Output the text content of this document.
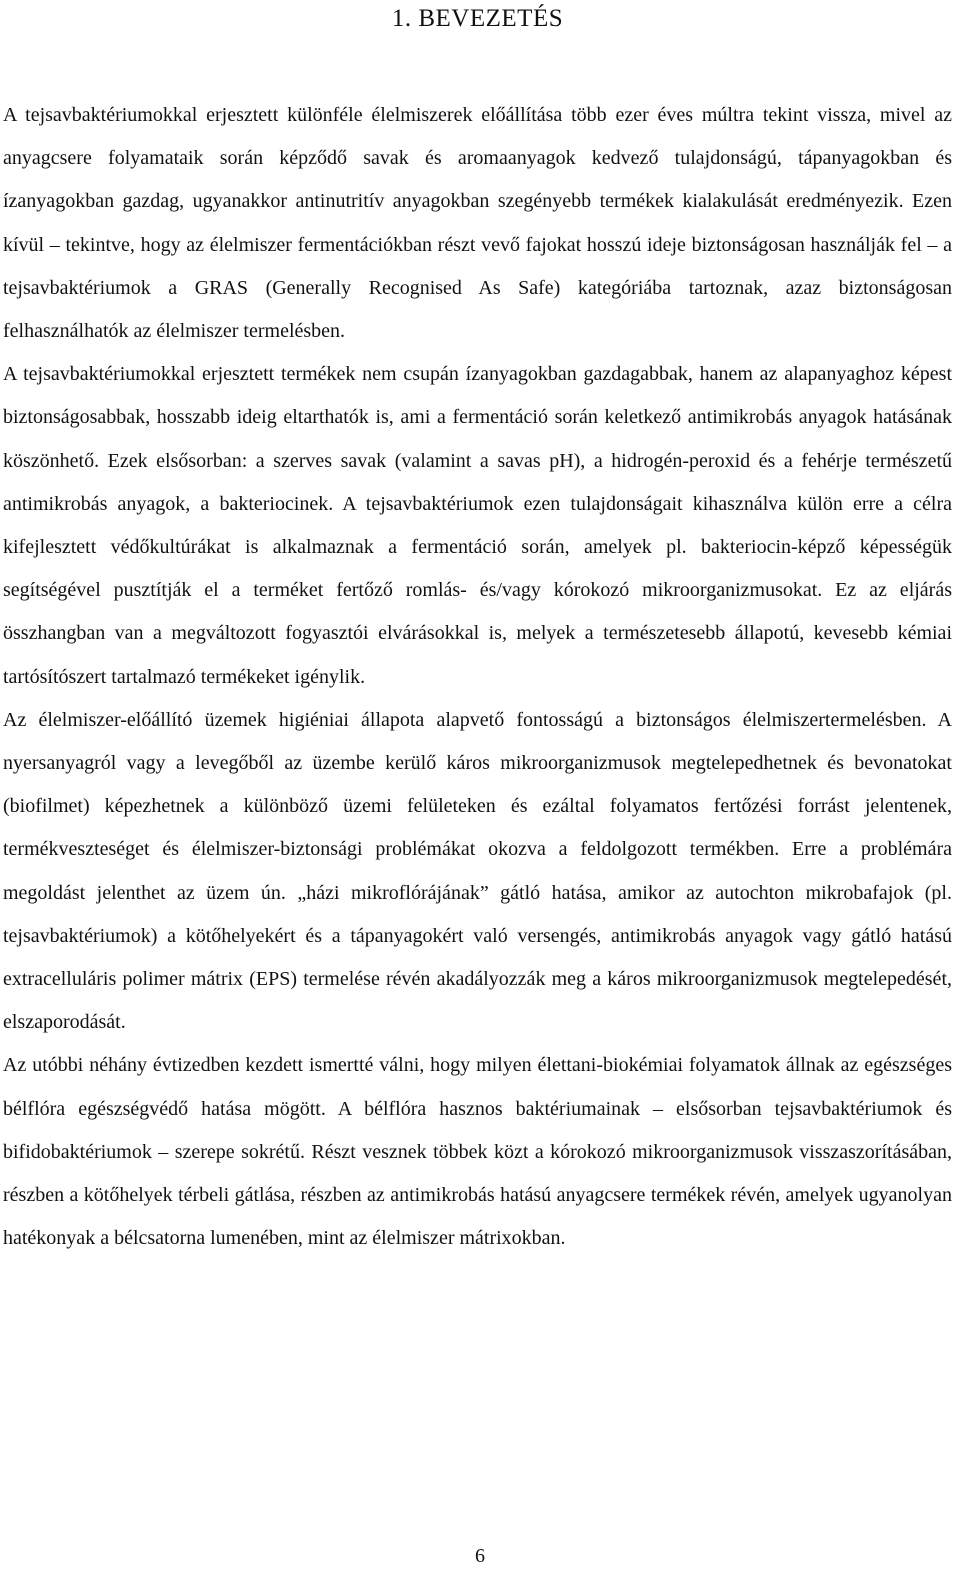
1. BEVEZETÉS

A tejsavbaktériumokkal erjesztett különféle élelmiszerek előállítása több ezer éves múltra tekint vissza, mivel az anyagcsere folyamataik során képződő savak és aromaanyagok kedvező tulajdonságú, tápanyagokban és ízanyagokban gazdag, ugyanakkor antinutritív anyagokban szegényebb termékek kialakulását eredményezik. Ezen kívül – tekintve, hogy az élelmiszer fermentációkban részt vevő fajokat hosszú ideje biztonságosan használják fel – a tejsavbaktériumok a GRAS (Generally Recognised As Safe) kategóriába tartoznak, azaz biztonságosan felhasználhatók az élelmiszer termelésben.

A tejsavbaktériumokkal erjesztett termékek nem csupán ízanyagokban gazdagabbak, hanem az alapanyaghoz képest biztonságosabbak, hosszabb ideig eltarthatók is, ami a fermentáció során keletkező antimikrobás anyagok hatásának köszönhető. Ezek elsősorban: a szerves savak (valamint a savas pH), a hidrogén-peroxid és a fehérje természetű antimikrobás anyagok, a bakteriocinek. A tejsavbaktériumok ezen tulajdonságait kihasználva külön erre a célra kifejlesztett védőkultúrákat is alkalmaznak a fermentáció során, amelyek pl. bakteriocin-képző képességük segítségével pusztítják el a terméket fertőző romlás- és/vagy kórokozó mikroorganizmusokat. Ez az eljárás összhangban van a megváltozott fogyasztói elvárásokkal is, melyek a természetesebb állapotú, kevesebb kémiai tartósítószert tartalmazó termékeket igénylik.

Az élelmiszer-előállító üzemek higiéniai állapota alapvető fontosságú a biztonságos élelmiszertermelésben. A nyersanyagról vagy a levegőből az üzembe kerülő káros mikroorganizmusok megtelepedhetnek és bevonatokat (biofilmet) képezhetnek a különböző üzemi felületeken és ezáltal folyamatos fertőzési forrást jelentenek, termékveszteséget és élelmiszer-biztonsági problémákat okozva a feldolgozott termékben. Erre a problémára megoldást jelenthet az üzem ún. „házi mikroflórájának” gátló hatása, amikor az autochton mikrobafajok (pl. tejsavbaktériumok) a kötőhelyekért és a tápanyagokért való versengés, antimikrobás anyagok vagy gátló hatású extracelluláris polimer mátrix (EPS) termelése révén akadályozzák meg a káros mikroorganizmusok megtelepedését, elszaporodását.

Az utóbbi néhány évtizedben kezdett ismertté válni, hogy milyen élettani-biokémiai folyamatok állnak az egészséges bélflóra egészségvédő hatása mögött. A bélflóra hasznos baktériumainak – elsősorban tejsavbaktériumok és bifidobaktériumok – szerepe sokrétű. Részt vesznek többek közt a kórokozó mikroorganizmusok visszaszorításában, részben a kötőhelyek térbeli gátlása, részben az antimikrobás hatású anyagcsere termékek révén, amelyek ugyanolyan hatékonyak a bélcsatorna lumenében, mint az élelmiszer mátrixokban.

6
